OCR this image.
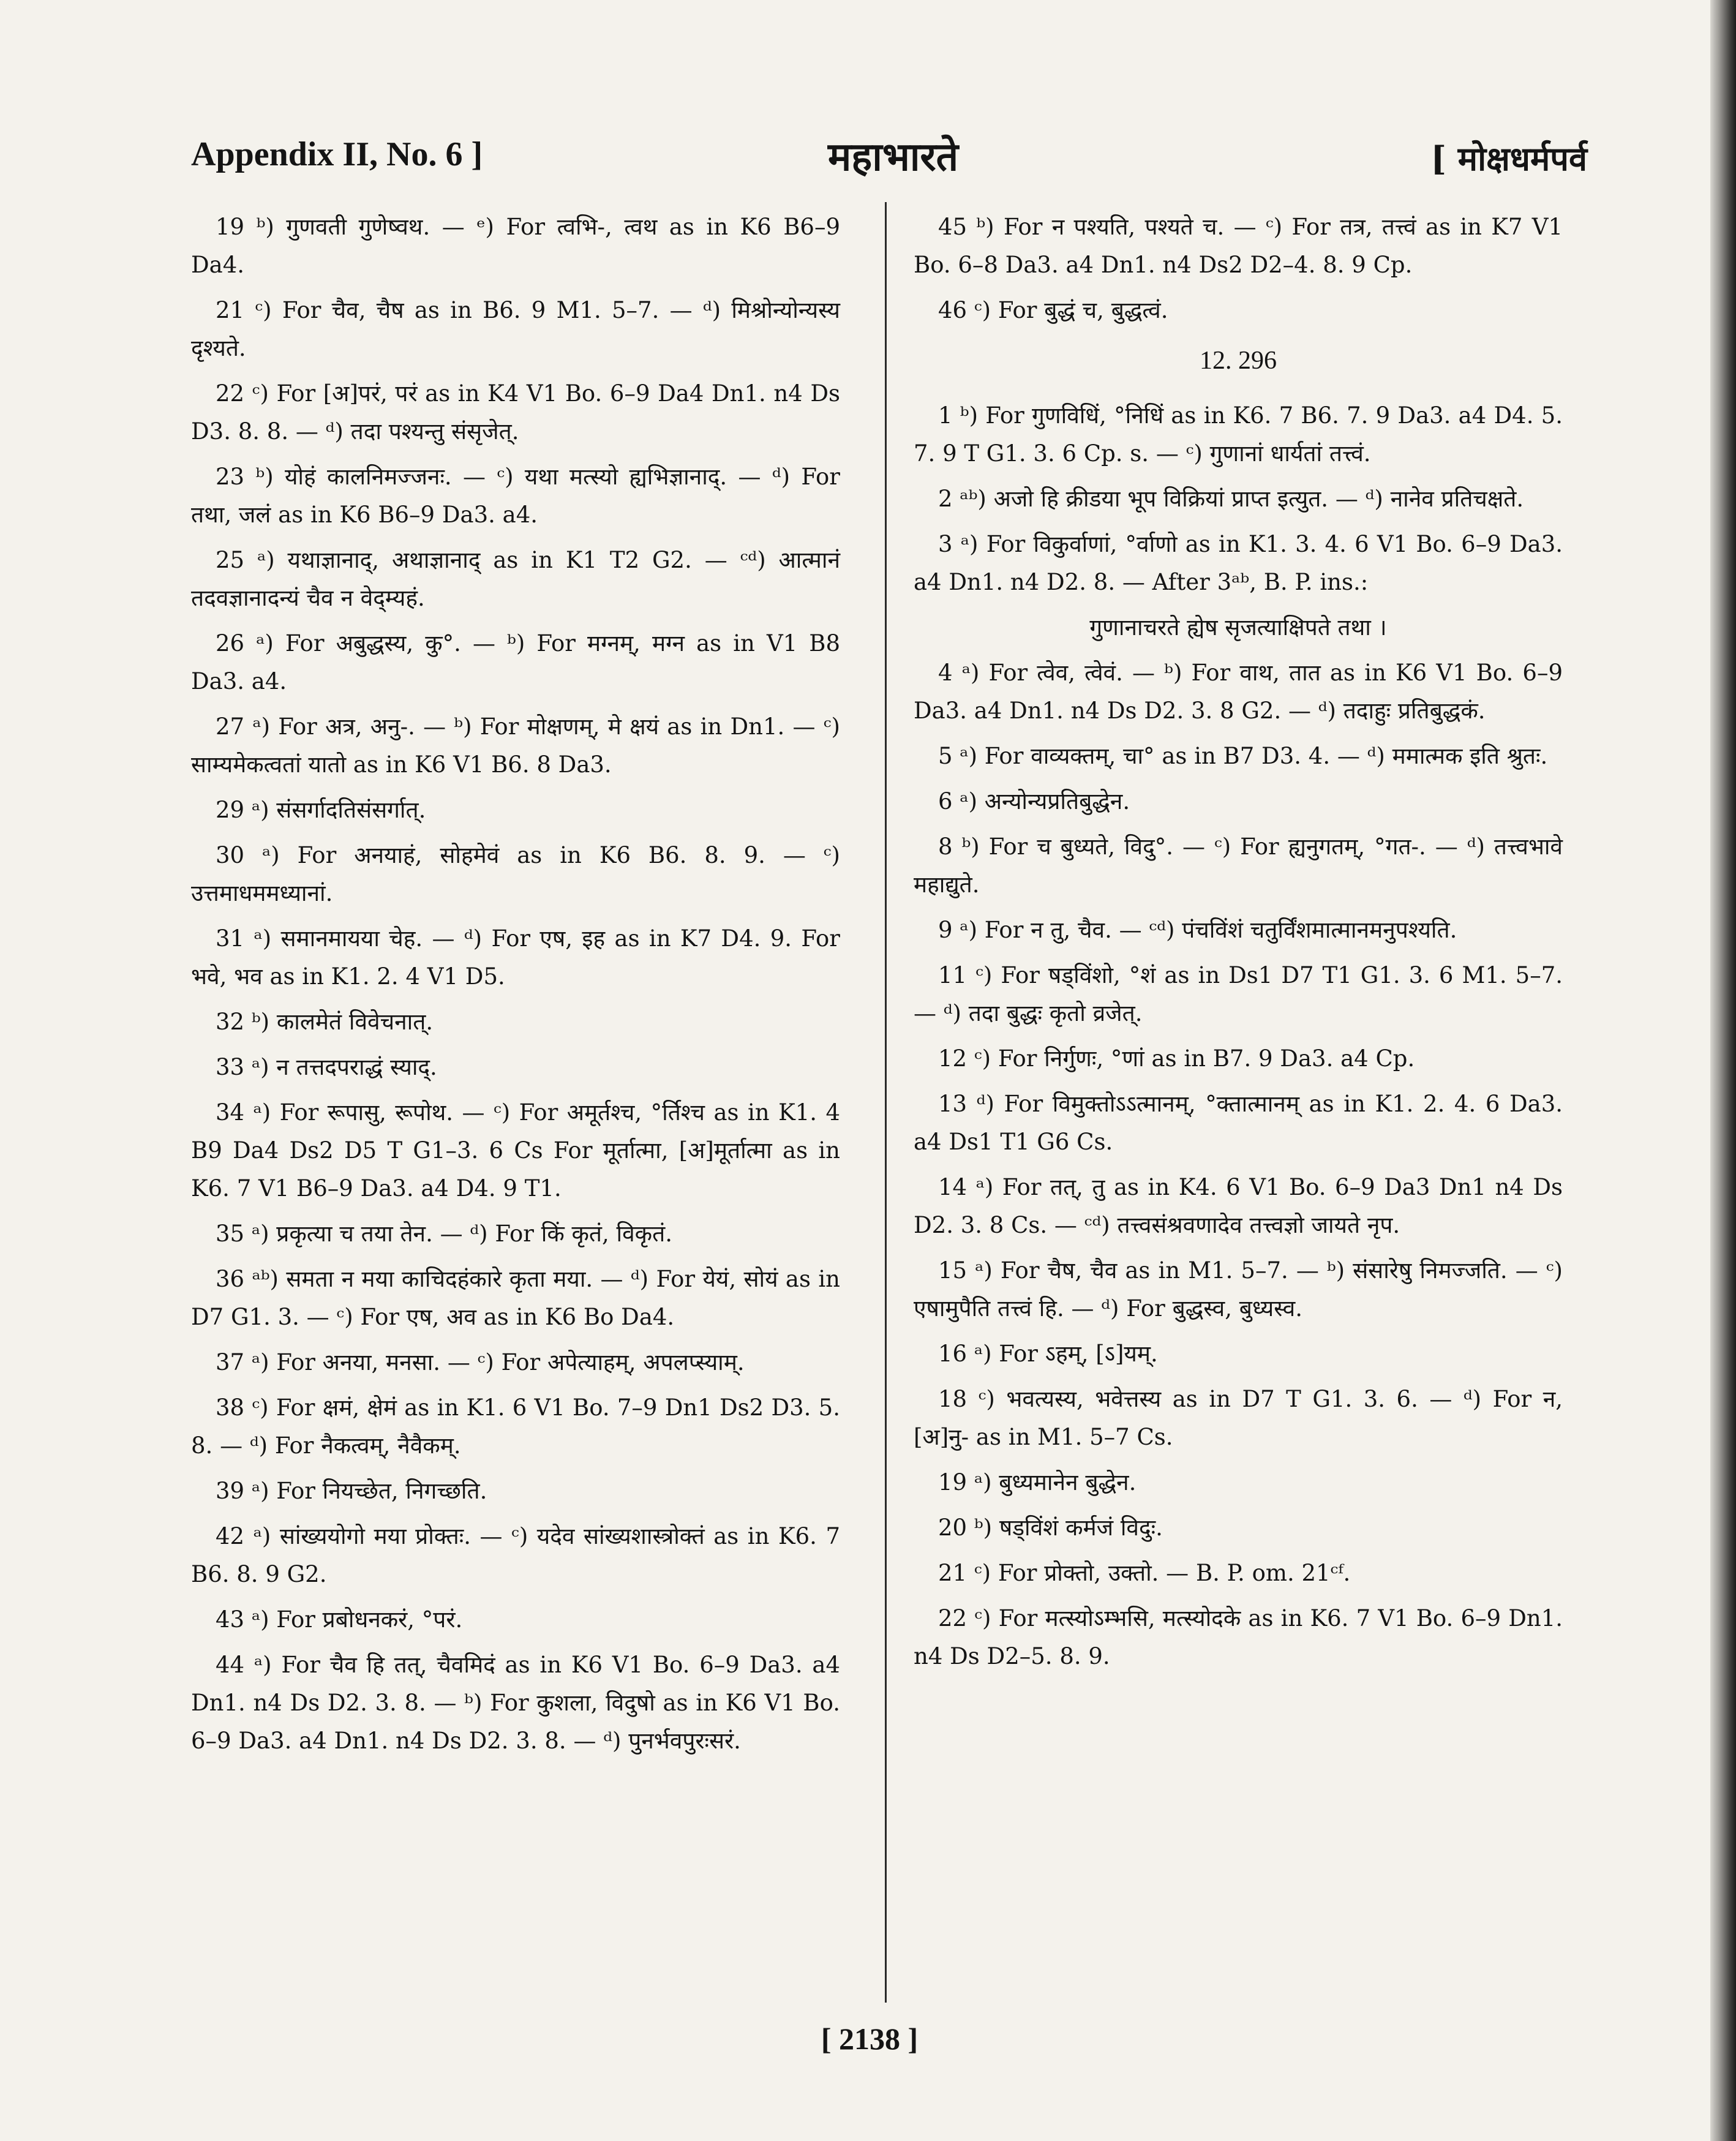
Appendix II, No. 6 ]	महाभारते	[ मोक्षधर्मपर्व
19 ᵇ) गुणवती गुणेष्वथ. — ᵉ) For त्वभि-, त्वथ as in K6 B6–9 Da4.
21 ᶜ) For चैव, चैष as in B6. 9 M1. 5–7. — ᵈ) मिश्रोन्योन्यस्य दृश्यते.
22 ᶜ) For [अ]परं, परं as in K4 V1 Bo. 6–9 Da4 Dn1. n4 Ds D3. 8. 8. — ᵈ) तदा पश्यन्तु संसृजेत्.
23 ᵇ) योहं कालनिमज्जनः. — ᶜ) यथा मत्स्यो ह्यभिज्ञानाद्. — ᵈ) For तथा, जलं as in K6 B6–9 Da3. a4.
25 ᵃ) यथाज्ञानाद्, अथाज्ञानाद् as in K1 T2 G2. — ᶜᵈ) आत्मानं तदवज्ञानादन्यं चैव न वेद्म्यहं.
26 ᵃ) For अबुद्धस्य, कु°. — ᵇ) For मग्नम्, मग्न as in V1 B8 Da3. a4.
27 ᵃ) For अत्र, अनु-. — ᵇ) For मोक्षणम्, मे क्षयं as in Dn1. — ᶜ) साम्यमेकत्वतां यातो as in K6 V1 B6. 8 Da3.
29 ᵃ) संसर्गादतिसंसर्गात्.
30 ᵃ) For अनयाहं, सोहमेवं as in K6 B6. 8. 9. — ᶜ) उत्तमाधममध्यानां.
31 ᵃ) समानमायया चेह. — ᵈ) For एष, इह as in K7 D4. 9. For भवे, भव as in K1. 2. 4 V1 D5.
32 ᵇ) कालमेतं विवेचनात्.
33 ᵃ) न तत्तदपराद्धं स्याद्.
34 ᵃ) For रूपासु, रूपोथ. — ᶜ) For अमूर्तश्च, °र्तिश्च as in K1. 4 B9 Da4 Ds2 D5 T G1–3. 6 Cs For मूर्तात्मा, [अ]मूर्तात्मा as in K6. 7 V1 B6–9 Da3. a4 D4. 9 T1.
35 ᵃ) प्रकृत्या च तया तेन. — ᵈ) For किं कृतं, विकृतं.
36 ᵃᵇ) समता न मया काचिदहंकारे कृता मया. — ᵈ) For येयं, सोयं as in D7 G1. 3. — ᶜ) For एष, अव as in K6 Bo Da4.
37 ᵃ) For अनया, मनसा. — ᶜ) For अपेत्याहम्, अपलप्स्याम्.
38 ᶜ) For क्षमं, क्षेमं as in K1. 6 V1 Bo. 7–9 Dn1 Ds2 D3. 5. 8. — ᵈ) For नैकत्वम्, नैवैकम्.
39 ᵃ) For नियच्छेत, निगच्छति.
42 ᵃ) सांख्ययोगो मया प्रोक्तः. — ᶜ) यदेव सांख्यशास्त्रोक्तं as in K6. 7 B6. 8. 9 G2.
43 ᵃ) For प्रबोधनकरं, °परं.
44 ᵃ) For चैव हि तत्, चैवमिदं as in K6 V1 Bo. 6–9 Da3. a4 Dn1. n4 Ds D2. 3. 8. — ᵇ) For कुशला, विदुषो as in K6 V1 Bo. 6–9 Da3. a4 Dn1. n4 Ds D2. 3. 8. — ᵈ) पुनर्भवपुरःसरं.
45 ᵇ) For न पश्यति, पश्यते च. — ᶜ) For तत्र, तत्त्वं as in K7 V1 Bo. 6–8 Da3. a4 Dn1. n4 Ds2 D2–4. 8. 9 Cp.
46 ᶜ) For बुद्धं च, बुद्धत्वं.
12. 296
1 ᵇ) For गुणविधिं, °निधिं as in K6. 7 B6. 7. 9 Da3. a4 D4. 5. 7. 9 T G1. 3. 6 Cp. s. — ᶜ) गुणानां धार्यतां तत्त्वं.
2 ᵃᵇ) अजो हि क्रीडया भूप विक्रियां प्राप्त इत्युत. — ᵈ) नानेव प्रतिचक्षते.
3 ᵃ) For विकुर्वाणां, °र्वाणो as in K1. 3. 4. 6 V1 Bo. 6–9 Da3. a4 Dn1. n4 D2. 8. — After 3ᵃᵇ, B. P. ins.:
गुणानाचरते ह्येष सृजत्याक्षिपते तथा ।
4 ᵃ) For त्वेव, त्वेवं. — ᵇ) For वाथ, तात as in K6 V1 Bo. 6–9 Da3. a4 Dn1. n4 Ds D2. 3. 8 G2. — ᵈ) तदाहुः प्रतिबुद्धकं.
5 ᵃ) For वाव्यक्तम्, चा° as in B7 D3. 4. — ᵈ) ममात्मक इति श्रुतः.
6 ᵃ) अन्योन्यप्रतिबुद्धेन.
8 ᵇ) For च बुध्यते, विदु°. — ᶜ) For ह्यनुगतम्, °गत-. — ᵈ) तत्त्वभावे महाद्युते.
9 ᵃ) For न तु, चैव. — ᶜᵈ) पंचविंशं चतुर्विंशमात्मानमनुपश्यति.
11 ᶜ) For षड्विंशो, °शं as in Ds1 D7 T1 G1. 3. 6 M1. 5–7. — ᵈ) तदा बुद्धः कृतो व्रजेत्.
12 ᶜ) For निर्गुणः, °णां as in B7. 9 Da3. a4 Cp.
13 ᵈ) For विमुक्तोऽऽत्मानम्, °क्तात्मानम् as in K1. 2. 4. 6 Da3. a4 Ds1 T1 G6 Cs.
14 ᵃ) For तत्, तु as in K4. 6 V1 Bo. 6–9 Da3 Dn1 n4 Ds D2. 3. 8 Cs. — ᶜᵈ) तत्त्वसंश्रवणादेव तत्त्वज्ञो जायते नृप.
15 ᵃ) For चैष, चैव as in M1. 5–7. — ᵇ) संसारेषु निमज्जति. — ᶜ) एषामुपैति तत्त्वं हि. — ᵈ) For बुद्धस्व, बुध्यस्व.
16 ᵃ) For ऽहम्, [ऽ]यम्.
18 ᶜ) भवत्यस्य, भवेत्तस्य as in D7 T G1. 3. 6. — ᵈ) For न, [अ]नु- as in M1. 5–7 Cs.
19 ᵃ) बुध्यमानेन बुद्धेन.
20 ᵇ) षड्विंशं कर्मजं विदुः.
21 ᶜ) For प्रोक्तो, उक्तो. — B. P. om. 21ᶜᶠ.
22 ᶜ) For मत्स्योऽम्भसि, मत्स्योदके as in K6. 7 V1 Bo. 6–9 Dn1. n4 Ds D2–5. 8. 9.
[ 2138 ]
